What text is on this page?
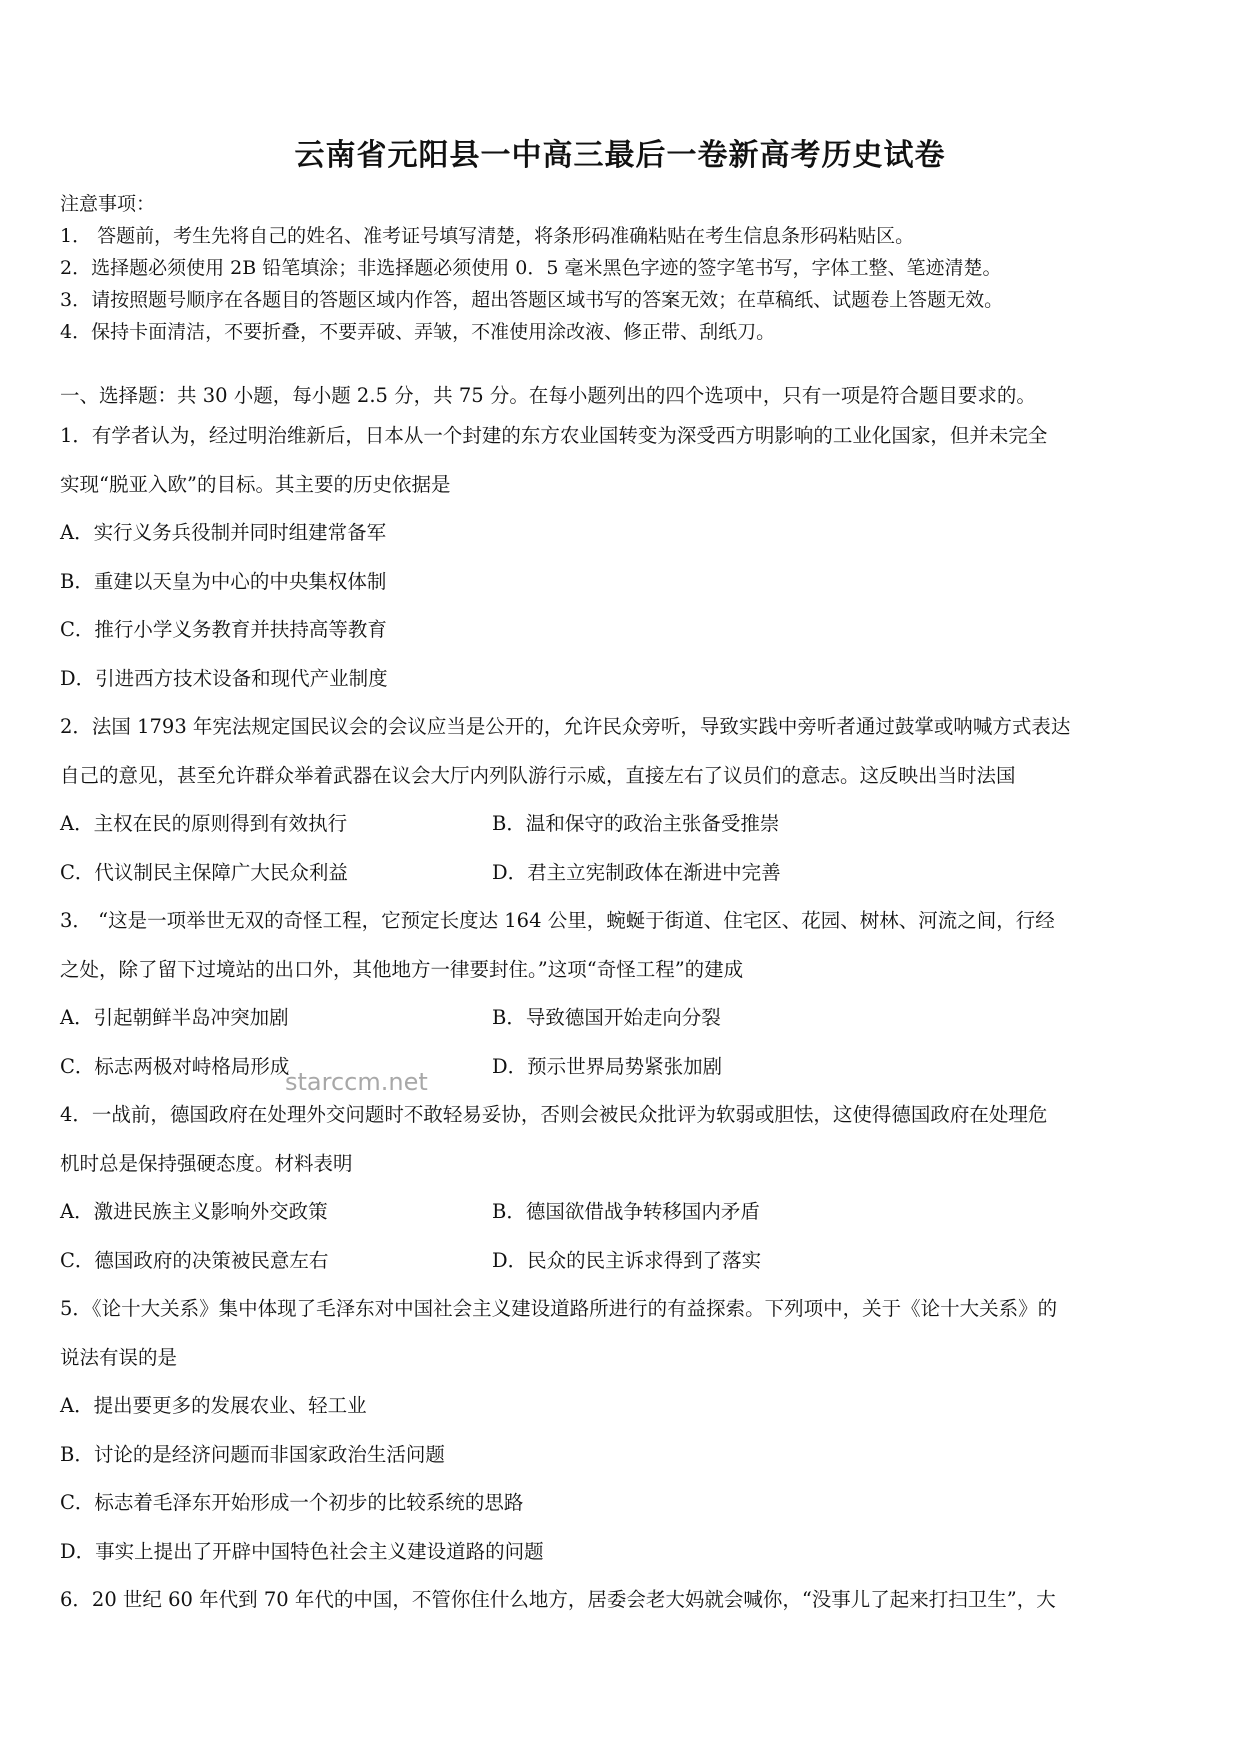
云南省元阳县一中高三最后一卷新高考历史试卷
注意事项：
1． 答题前，考生先将自己的姓名、准考证号填写清楚，将条形码准确粘贴在考生信息条形码粘贴区。
2．选择题必须使用 2B 铅笔填涂；非选择题必须使用 0．5 毫米黑色字迹的签字笔书写，字体工整、笔迹清楚。
3．请按照题号顺序在各题目的答题区域内作答，超出答题区域书写的答案无效；在草稿纸、试题卷上答题无效。
4．保持卡面清洁，不要折叠，不要弄破、弄皱，不准使用涂改液、修正带、刮纸刀。
一、选择题：共 30 小题，每小题 2.5 分，共 75 分。在每小题列出的四个选项中，只有一项是符合题目要求的。
1．有学者认为，经过明治维新后，日本从一个封建的东方农业国转变为深受西方明影响的工业化国家，但并未完全
实现“脱亚入欧”的目标。其主要的历史依据是
A．实行义务兵役制并同时组建常备军
B．重建以天皇为中心的中央集权体制
C．推行小学义务教育并扶持高等教育
D．引进西方技术设备和现代产业制度
2．法国 1793 年宪法规定国民议会的会议应当是公开的，允许民众旁听，导致实践中旁听者通过鼓掌或呐喊方式表达
自己的意见，甚至允许群众举着武器在议会大厅内列队游行示威，直接左右了议员们的意志。这反映出当时法国
A．主权在民的原则得到有效执行	B．温和保守的政治主张备受推崇
C．代议制民主保障广大民众利益	D．君主立宪制政体在渐进中完善
3． “这是一项举世无双的奇怪工程，它预定长度达 164 公里，蜿蜒于街道、住宅区、花园、树林、河流之间，行经
之处，除了留下过境站的出口外，其他地方一律要封住。”这项“奇怪工程”的建成
A．引起朝鲜半岛冲突加剧	B．导致德国开始走向分裂
C．标志两极对峙格局形成	D．预示世界局势紧张加剧
starccm.net
4．一战前，德国政府在处理外交问题时不敢轻易妥协，否则会被民众批评为软弱或胆怯，这使得德国政府在处理危
机时总是保持强硬态度。材料表明
A．激进民族主义影响外交政策	B．德国欲借战争转移国内矛盾
C．德国政府的决策被民意左右	D．民众的民主诉求得到了落实
5．《论十大关系》集中体现了毛泽东对中国社会主义建设道路所进行的有益探索。下列项中，关于《论十大关系》的
说法有误的是
A．提出要更多的发展农业、轻工业
B．讨论的是经济问题而非国家政治生活问题
C．标志着毛泽东开始形成一个初步的比较系统的思路
D．事实上提出了开辟中国特色社会主义建设道路的问题
6．20 世纪 60 年代到 70 年代的中国，不管你住什么地方，居委会老大妈就会喊你，“没事儿了起来打扫卫生”，大
